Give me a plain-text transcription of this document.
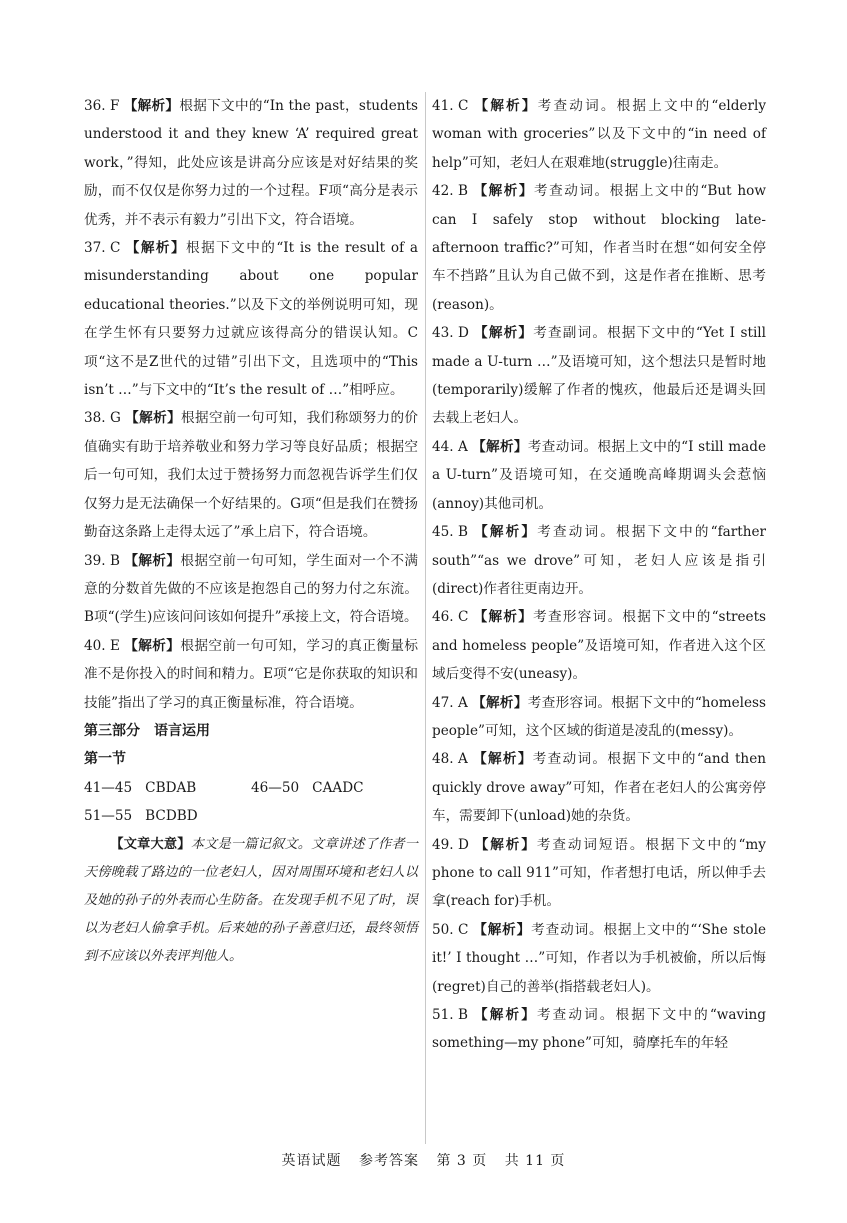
36. F 【解析】根据下文中的“In the past，students understood it and they knew ‘A’ required great work，”得知，此处应该是讲高分应该是对好结果的奖励，而不仅仅是你努力过的一个过程。F项“高分是表示优秀，并不表示有毅力”引出下文，符合语境。

37. C 【解析】根据下文中的“It is the result of a misunderstanding about one popular educational theories.”以及下文的举例说明可知，现在学生怀有只要努力过就应该得高分的错误认知。C项“这不是Z世代的过错”引出下文，且选项中的“This isn’t …”与下文中的“It’s the result of …”相呼应。

38. G 【解析】根据空前一句可知，我们称颂努力的价值确实有助于培养敬业和努力学习等良好品质；根据空后一句可知，我们太过于赞扬努力而忽视告诉学生们仅仅努力是无法确保一个好结果的。G项“但是我们在赞扬勤奋这条路上走得太远了”承上启下，符合语境。

39. B 【解析】根据空前一句可知，学生面对一个不满意的分数首先做的不应该是抱怨自己的努力付之东流。B项“(学生)应该问问该如何提升”承接上文，符合语境。

40. E 【解析】根据空前一句可知，学习的真正衡量标准不是你投入的时间和精力。E项“它是你获取的知识和技能”指出了学习的真正衡量标准，符合语境。

第三部分 语言运用

第一节

41—45 CBDAB	46—50 CAADC
51—55 BCDBD

【文章大意】本文是一篇记叙文。文章讲述了作者一天傍晚载了路边的一位老妇人，因对周围环境和老妇人以及她的孙子的外表而心生防备。在发现手机不见了时，误以为老妇人偷拿手机。后来她的孙子善意归还，最终领悟到不应该以外表评判他人。

41. C 【解析】考查动词。根据上文中的“elderly woman with groceries”以及下文中的“in need of help”可知，老妇人在艰难地(struggle)往南走。

42. B 【解析】考查动词。根据上文中的“But how can I safely stop without blocking late-afternoon traffic?”可知，作者当时在想“如何安全停车不挡路”且认为自己做不到，这是作者在推断、思考(reason)。

43. D 【解析】考查副词。根据下文中的“Yet I still made a U-turn …”及语境可知，这个想法只是暂时地(temporarily)缓解了作者的愧疚，他最后还是调头回去载上老妇人。

44. A 【解析】考查动词。根据上文中的“I still made a U-turn”及语境可知，在交通晚高峰期调头会惹恼(annoy)其他司机。

45. B 【解析】考查动词。根据下文中的“farther south”“as we drove”可知，老妇人应该是指引(direct)作者往更南边开。

46. C 【解析】考查形容词。根据下文中的“streets and homeless people”及语境可知，作者进入这个区域后变得不安(uneasy)。

47. A 【解析】考查形容词。根据下文中的“homeless people”可知，这个区域的街道是凌乱的(messy)。

48. A 【解析】考查动词。根据下文中的“and then quickly drove away”可知，作者在老妇人的公寓旁停车，需要卸下(unload)她的杂货。

49. D 【解析】考查动词短语。根据下文中的“my phone to call 911”可知，作者想打电话，所以伸手去拿(reach for)手机。

50. C 【解析】考查动词。根据上文中的“‘She stole it!’ I thought …”可知，作者以为手机被偷，所以后悔(regret)自己的善举(指搭载老妇人)。

51. B 【解析】考查动词。根据下文中的“waving something—my phone”可知，骑摩托车的年轻

英语试题 参考答案 第 3 页 共 11 页
